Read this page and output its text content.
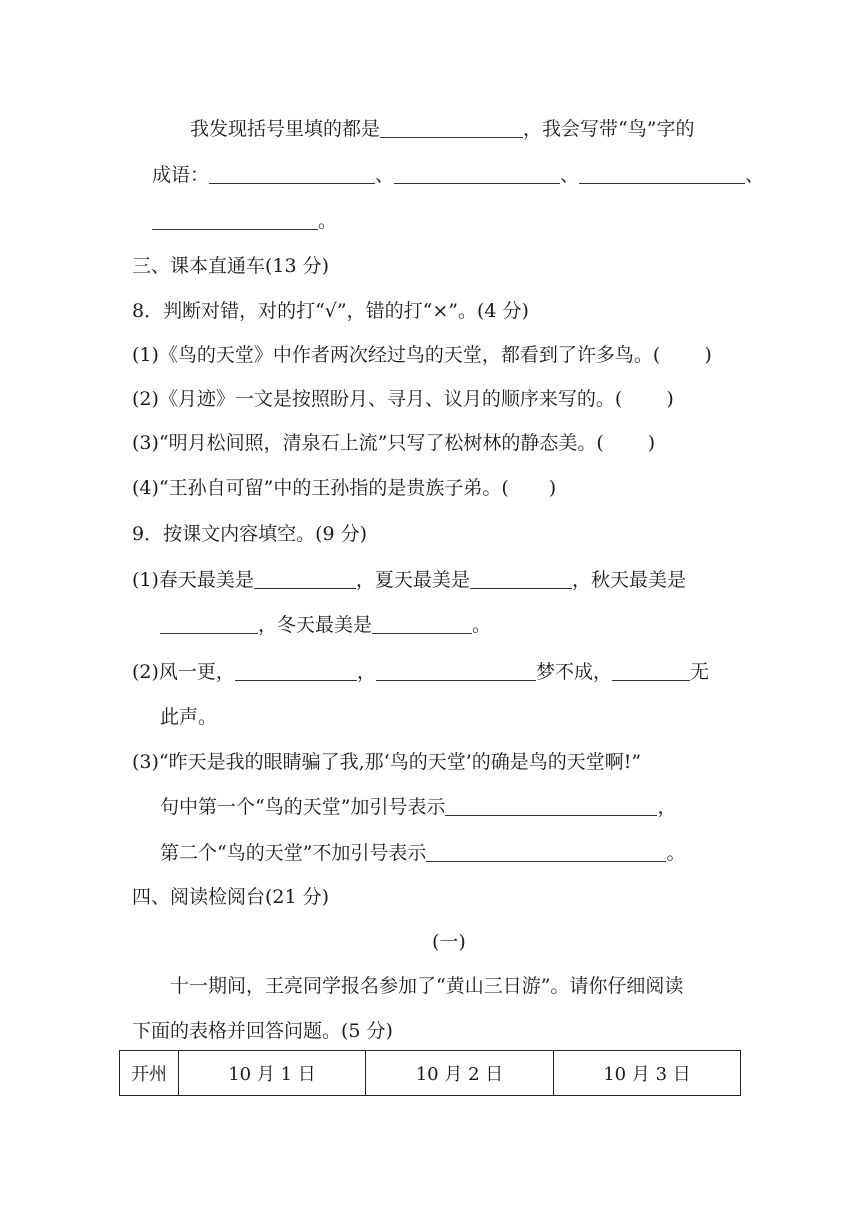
我发现括号里填的都是	，我会写带“鸟”字的
成语：	、	、	、
。
三、课本直通车(13 分)
8．判断对错，对的打“√”，错的打“×”。(4 分)
(1)《鸟的天堂》中作者两次经过鸟的天堂，都看到了许多鸟。( )
(2)《月迹》一文是按照盼月、寻月、议月的顺序来写的。( )
(3)“明月松间照，清泉石上流”只写了松树林的静态美。( )
(4)“王孙自可留”中的王孙指的是贵族子弟。( )
9．按课文内容填空。(9 分)
(1)春天最美是	，夏天最美是	，秋天最美是
，冬天最美是	。
(2)风一更，	，	梦不成，	无
此声。
(3)“昨天是我的眼睛骗了我,那‘鸟的天堂’的确是鸟的天堂啊!”
句中第一个“鸟的天堂”加引号表示	，
第二个“鸟的天堂”不加引号表示	。
四、阅读检阅台(21 分)
(一)
十一期间，王亮同学报名参加了“黄山三日游”。请你仔细阅读
下面的表格并回答问题。(5 分)
开州	10 月 1 日	10 月 2 日	10 月 3 日
